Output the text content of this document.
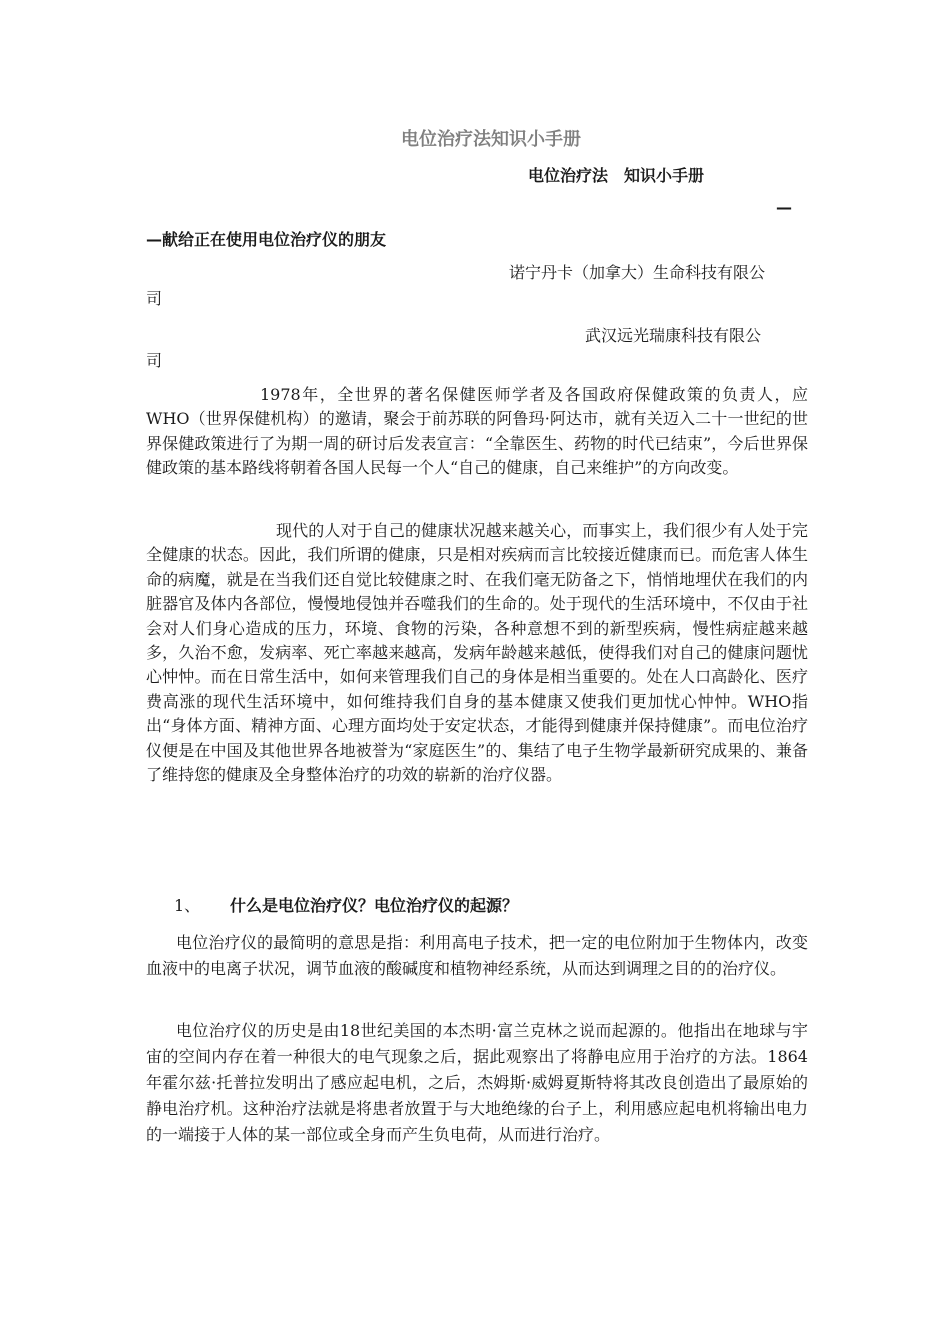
电位治疗法知识小手册
电位治疗法　知识小手册
—
—献给正在使用电位治疗仪的朋友
诺宁丹卡（加拿大）生命科技有限公
司
武汉远光瑞康科技有限公
司

1978年，全世界的著名保健医师学者及各国政府保健政策的负责人，应WHO（世界保健机构）的邀请，聚会于前苏联的阿鲁玛·阿达市，就有关迈入二十一世纪的世界保健政策进行了为期一周的研讨后发表宣言：“全靠医生、药物的时代已结束”，今后世界保健政策的基本路线将朝着各国人民每一个人“自己的健康，自己来维护”的方向改变。

现代的人对于自己的健康状况越来越关心，而事实上，我们很少有人处于完全健康的状态。因此，我们所谓的健康，只是相对疾病而言比较接近健康而已。而危害人体生命的病魔，就是在当我们还自觉比较健康之时、在我们毫无防备之下，悄悄地埋伏在我们的内脏器官及体内各部位，慢慢地侵蚀并吞噬我们的生命的。处于现代的生活环境中，不仅由于社会对人们身心造成的压力，环境、食物的污染，各种意想不到的新型疾病，慢性病症越来越多，久治不愈，发病率、死亡率越来越高，发病年龄越来越低，使得我们对自己的健康问题忧心忡忡。而在日常生活中，如何来管理我们自己的身体是相当重要的。处在人口高龄化、医疗费高涨的现代生活环境中，如何维持我们自身的基本健康又使我们更加忧心忡忡。WHO指出“身体方面、精神方面、心理方面均处于安定状态，才能得到健康并保持健康”。而电位治疗仪便是在中国及其他世界各地被誉为“家庭医生”的、集结了电子生物学最新研究成果的、兼备了维持您的健康及全身整体治疗的功效的崭新的治疗仪器。

1、 什么是电位治疗仪？电位治疗仪的起源？

电位治疗仪的最简明的意思是指：利用高电子技术，把一定的电位附加于生物体内，改变血液中的电离子状况，调节血液的酸碱度和植物神经系统，从而达到调理之目的的治疗仪。

电位治疗仪的历史是由18世纪美国的本杰明·富兰克林之说而起源的。他指出在地球与宇宙的空间内存在着一种很大的电气现象之后，据此观察出了将静电应用于治疗的方法。1864年霍尔兹·托普拉发明出了感应起电机，之后，杰姆斯·威姆夏斯特将其改良创造出了最原始的静电治疗机。这种治疗法就是将患者放置于与大地绝缘的台子上，利用感应起电机将输出电力的一端接于人体的某一部位或全身而产生负电荷，从而进行治疗。
